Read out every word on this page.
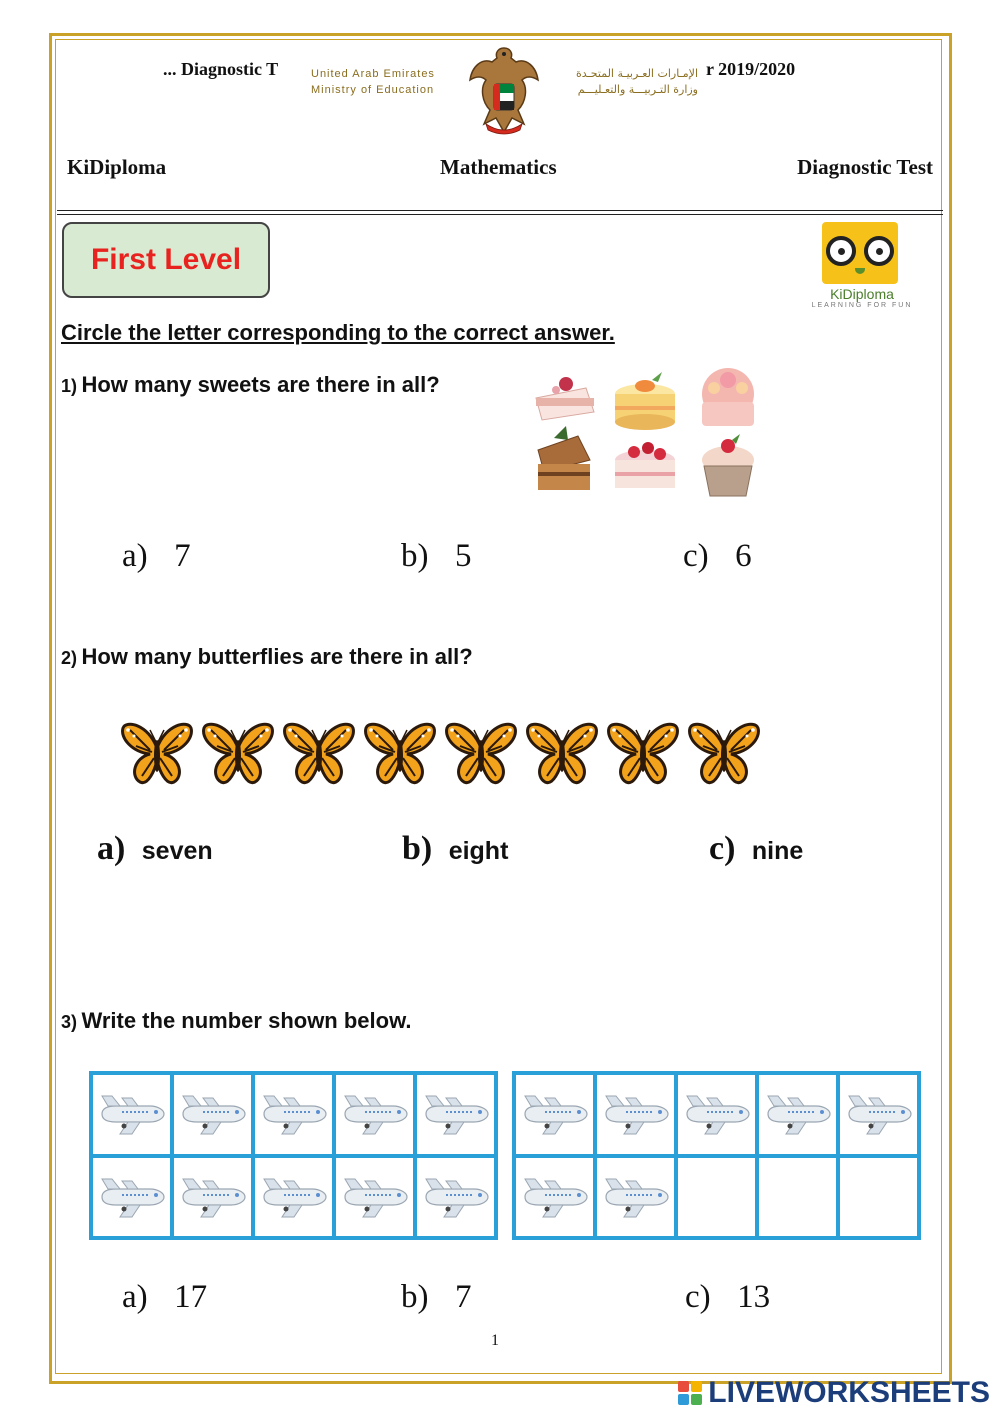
... Diagnostic T	United Arab Emirates
Ministry of Education
الإمـارات العـربيـة المتحـدة
وزارة التـربيـــة والتعـليـــم
r 2019/2020
KiDiploma	Mathematics	Diagnostic Test
First Level
KiDiploma
LEARNING FOR FUN
Circle the letter corresponding to the correct answer.
1) How many sweets are there in all?
a) 7	b) 5	c) 6
2) How many butterflies are there in all?
a) seven	b) eight	c) nine
3) Write the number shown below.
a) 17	b) 7	c) 13
1
LIVEWORKSHEETS
